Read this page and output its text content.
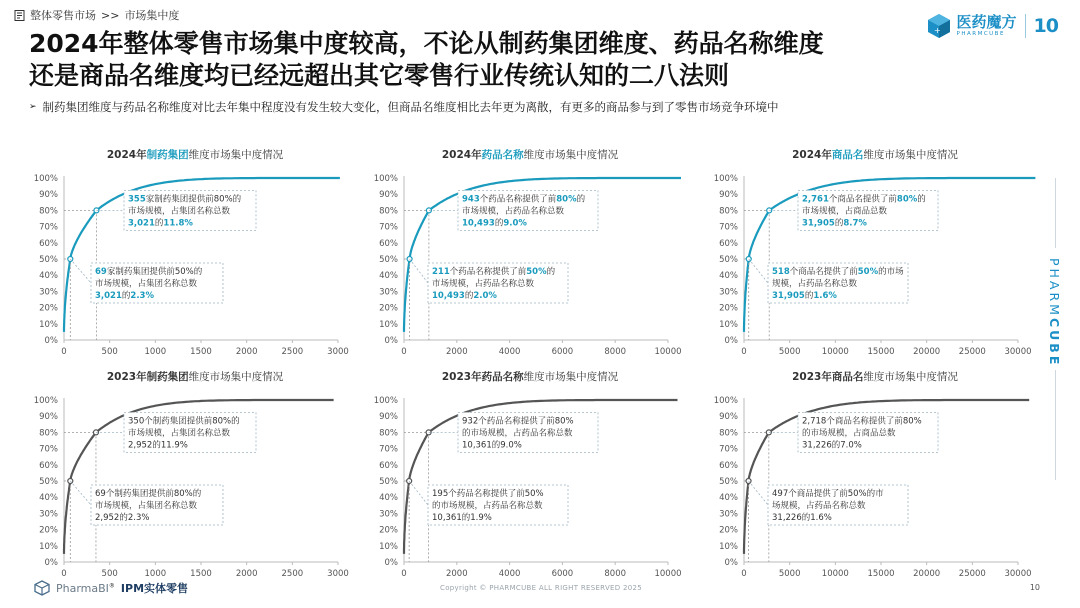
整体零售市场 >> 市场集中度
+ 医药魔方
PHARMCUBE	10
2024年整体零售市场集中度较高，不论从制药集团维度、药品名称维度
还是商品名维度均已经远超出其它零售行业传统认知的二八法则
➢ 制药集团维度与药品名称维度对比去年集中程度没有发生较大变化，但商品名维度相比去年更为离散，有更多的商品参与到了零售市场竞争环境中
2024年制药集团维度市场集中度情况
0%
10%
20%
30%
40%
50%
60%
70%
80%
90%
100%
0	500	1000	1500	2000	2500	3000
355家制药集团提供前80%的
市场规模，占集团名称总数
3,021的11.8%
69家制药集团提供前50%的
市场规模，占集团名称总数
3,021的2.3%
2024年药品名称维度市场集中度情况
0%
10%
20%
30%
40%
50%
60%
70%
80%
90%
100%
0	2000	4000	6000	8000	10000
943个药品名称提供了前80%的
市场规模，占药品名称总数
10,493的9.0%
211个药品名称提供了前50%的
市场规模，占药品名称总数
10,493的2.0%
2024年商品名维度市场集中度情况
0%
10%
20%
30%
40%
50%
60%
70%
80%
90%
100%
0	5000	10000 15000 20000 25000 30000
2,761个商品名提供了前80%的
市场规模，占商品总数
31,905的8.7%
518个商品名提供了前50%的市场
规模，占药品名称总数
31,905的1.6%
2023年制药集团维度市场集中度情况
0%
10%
20%
30%
40%
50%
60%
70%
80%
90%
100%
0	500	1000	1500	2000	2500	3000
350个制药集团提供前80%的
市场规模，占集团名称总数
2,952的11.9%
69个制药集团提供前80%的
市场规模，占集团名称总数
2,952的2.3%
2023年药品名称维度市场集中度情况
0%
10%
20%
30%
40%
50%
60%
70%
80%
90%
100%
0	2000	4000	6000	8000	10000
932个药品名称提供了前80%
的市场规模，占药品名称总数
10,361的9.0%
195个药品名称提供了前50%
的市场规模，占药品名称总数
10,361的1.9%
2023年商品名维度市场集中度情况
0%
10%
20%
30%
40%
50%
60%
70%
80%
90%
100%
0	5000	10000 15000 20000 25000 30000
2,718个商品名称提供了前80%
的市场规模，占商品总数
31,226的7.0%
497个商品提供了前50%的市
场规模，占药品名称总数
31,226的1.6%
PHARMCUBE
PharmaBI® IPM实体零售	Copyright © PHARMCUBE ALL RIGHT RESERVED 2025	10
